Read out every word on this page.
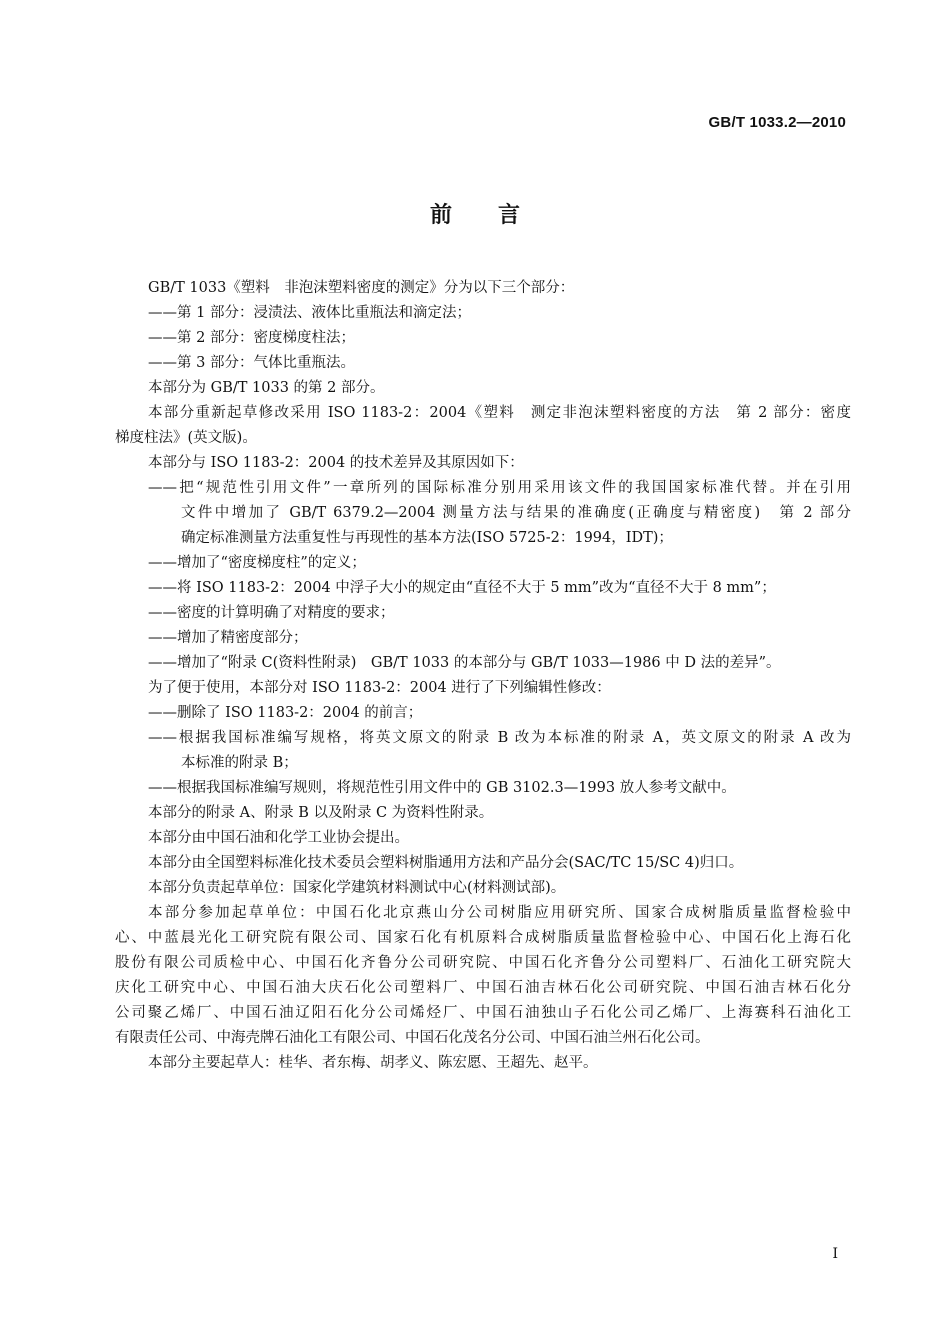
GB/T 1033.2—2010
前言
GB/T 1033《塑料　非泡沫塑料密度的测定》分为以下三个部分：
——第 1 部分：浸渍法、液体比重瓶法和滴定法；
——第 2 部分：密度梯度柱法；
——第 3 部分：气体比重瓶法。
本部分为 GB/T 1033 的第 2 部分。
本部分重新起草修改采用 ISO 1183-2：2004《塑料　测定非泡沫塑料密度的方法　第 2 部分：密度
梯度柱法》(英文版)。
本部分与 ISO 1183-2：2004 的技术差异及其原因如下：
——把“规范性引用文件”一章所列的国际标准分别用采用该文件的我国国家标准代替。并在引用
文件中增加了 GB/T 6379.2—2004 测量方法与结果的准确度(正确度与精密度)　第 2 部分
确定标准测量方法重复性与再现性的基本方法(ISO 5725-2：1994，IDT)；
——增加了“密度梯度柱”的定义；
——将 ISO 1183-2：2004 中浮子大小的规定由“直径不大于 5 mm”改为“直径不大于 8 mm”；
——密度的计算明确了对精度的要求；
——增加了精密度部分；
——增加了“附录 C(资料性附录)　GB/T 1033 的本部分与 GB/T 1033—1986 中 D 法的差异”。
为了便于使用，本部分对 ISO 1183-2：2004 进行了下列编辑性修改：
——删除了 ISO 1183-2：2004 的前言；
——根据我国标准编写规格，将英文原文的附录 B 改为本标准的附录 A，英文原文的附录 A 改为
本标准的附录 B；
——根据我国标准编写规则，将规范性引用文件中的 GB 3102.3—1993 放人参考文献中。
本部分的附录 A、附录 B 以及附录 C 为资料性附录。
本部分由中国石油和化学工业协会提出。
本部分由全国塑料标准化技术委员会塑料树脂通用方法和产品分会(SAC/TC 15/SC 4)归口。
本部分负责起草单位：国家化学建筑材料测试中心(材料测试部)。
本部分参加起草单位：中国石化北京燕山分公司树脂应用研究所、国家合成树脂质量监督检验中
心、中蓝晨光化工研究院有限公司、国家石化有机原料合成树脂质量监督检验中心、中国石化上海石化
股份有限公司质检中心、中国石化齐鲁分公司研究院、中国石化齐鲁分公司塑料厂、石油化工研究院大
庆化工研究中心、中国石油大庆石化公司塑料厂、中国石油吉林石化公司研究院、中国石油吉林石化分
公司聚乙烯厂、中国石油辽阳石化分公司烯烃厂、中国石油独山子石化公司乙烯厂、上海赛科石油化工
有限责任公司、中海壳牌石油化工有限公司、中国石化茂名分公司、中国石油兰州石化公司。
本部分主要起草人：桂华、者东梅、胡孝义、陈宏愿、王超先、赵平。
I
